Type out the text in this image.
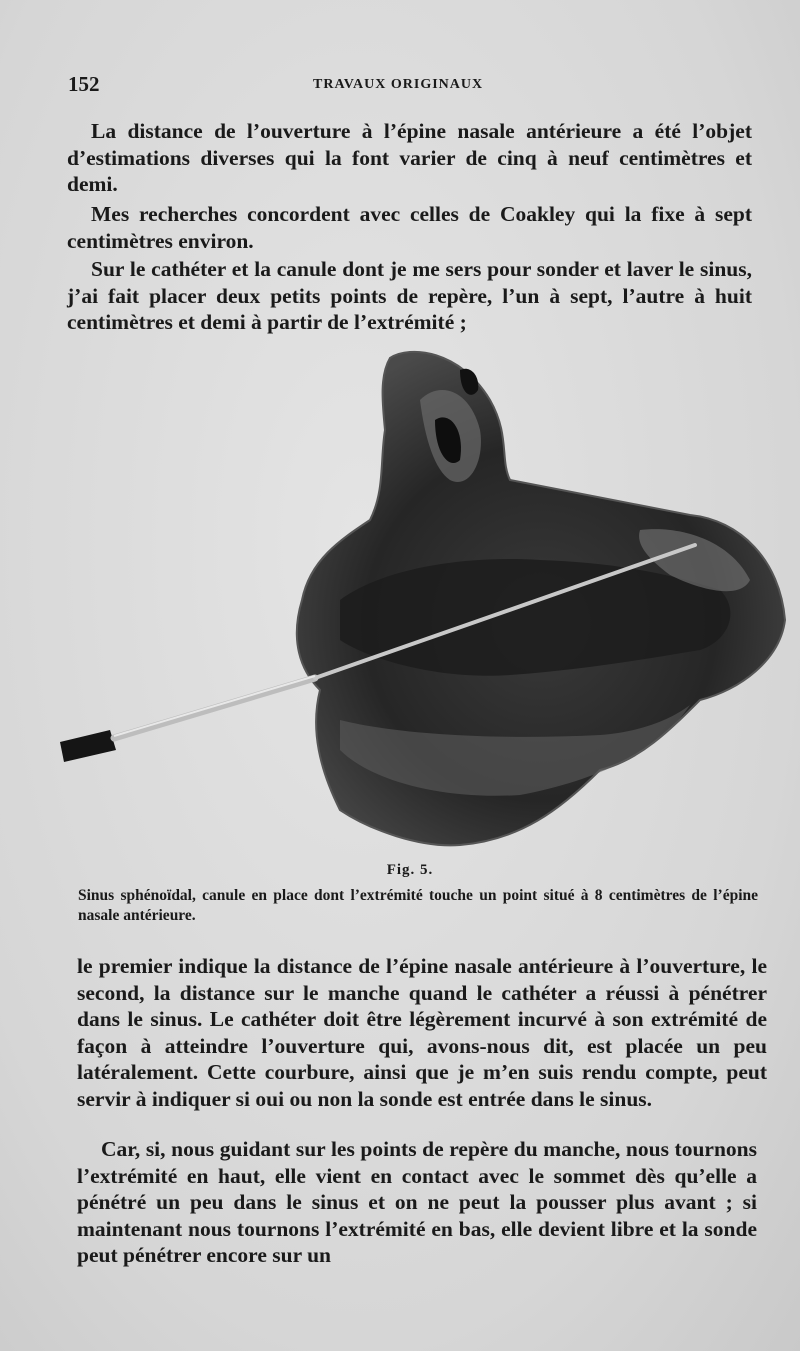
152	TRAVAUX ORIGINAUX

La distance de l’ouverture à l’épine nasale antérieure a été l’objet d’estimations diverses qui la font varier de cinq à neuf centimètres et demi.

Mes recherches concordent avec celles de Coakley qui la fixe à sept centimètres environ.

Sur le cathéter et la canule dont je me sers pour sonder et laver le sinus, j’ai fait placer deux petits points de repère, l’un à sept, l’autre à huit centimètres et demi à partir de l’extrémité ;

Fig. 5.
Sinus sphénoïdal, canule en place dont l’extrémité touche un point situé à 8 centimètres de l’épine nasale antérieure.

le premier indique la distance de l’épine nasale antérieure à l’ouverture, le second, la distance sur le manche quand le cathéter a réussi à pénétrer dans le sinus. Le cathéter doit être légèrement incurvé à son extrémité de façon à atteindre l’ouverture qui, avons-nous dit, est placée un peu latéralement. Cette courbure, ainsi que je m’en suis rendu compte, peut servir à indiquer si oui ou non la sonde est entrée dans le sinus.

Car, si, nous guidant sur les points de repère du manche, nous tournons l’extrémité en haut, elle vient en contact avec le sommet dès qu’elle a pénétré un peu dans le sinus et on ne peut la pousser plus avant ; si maintenant nous tournons l’extrémité en bas, elle devient libre et la sonde peut pénétrer encore sur un
